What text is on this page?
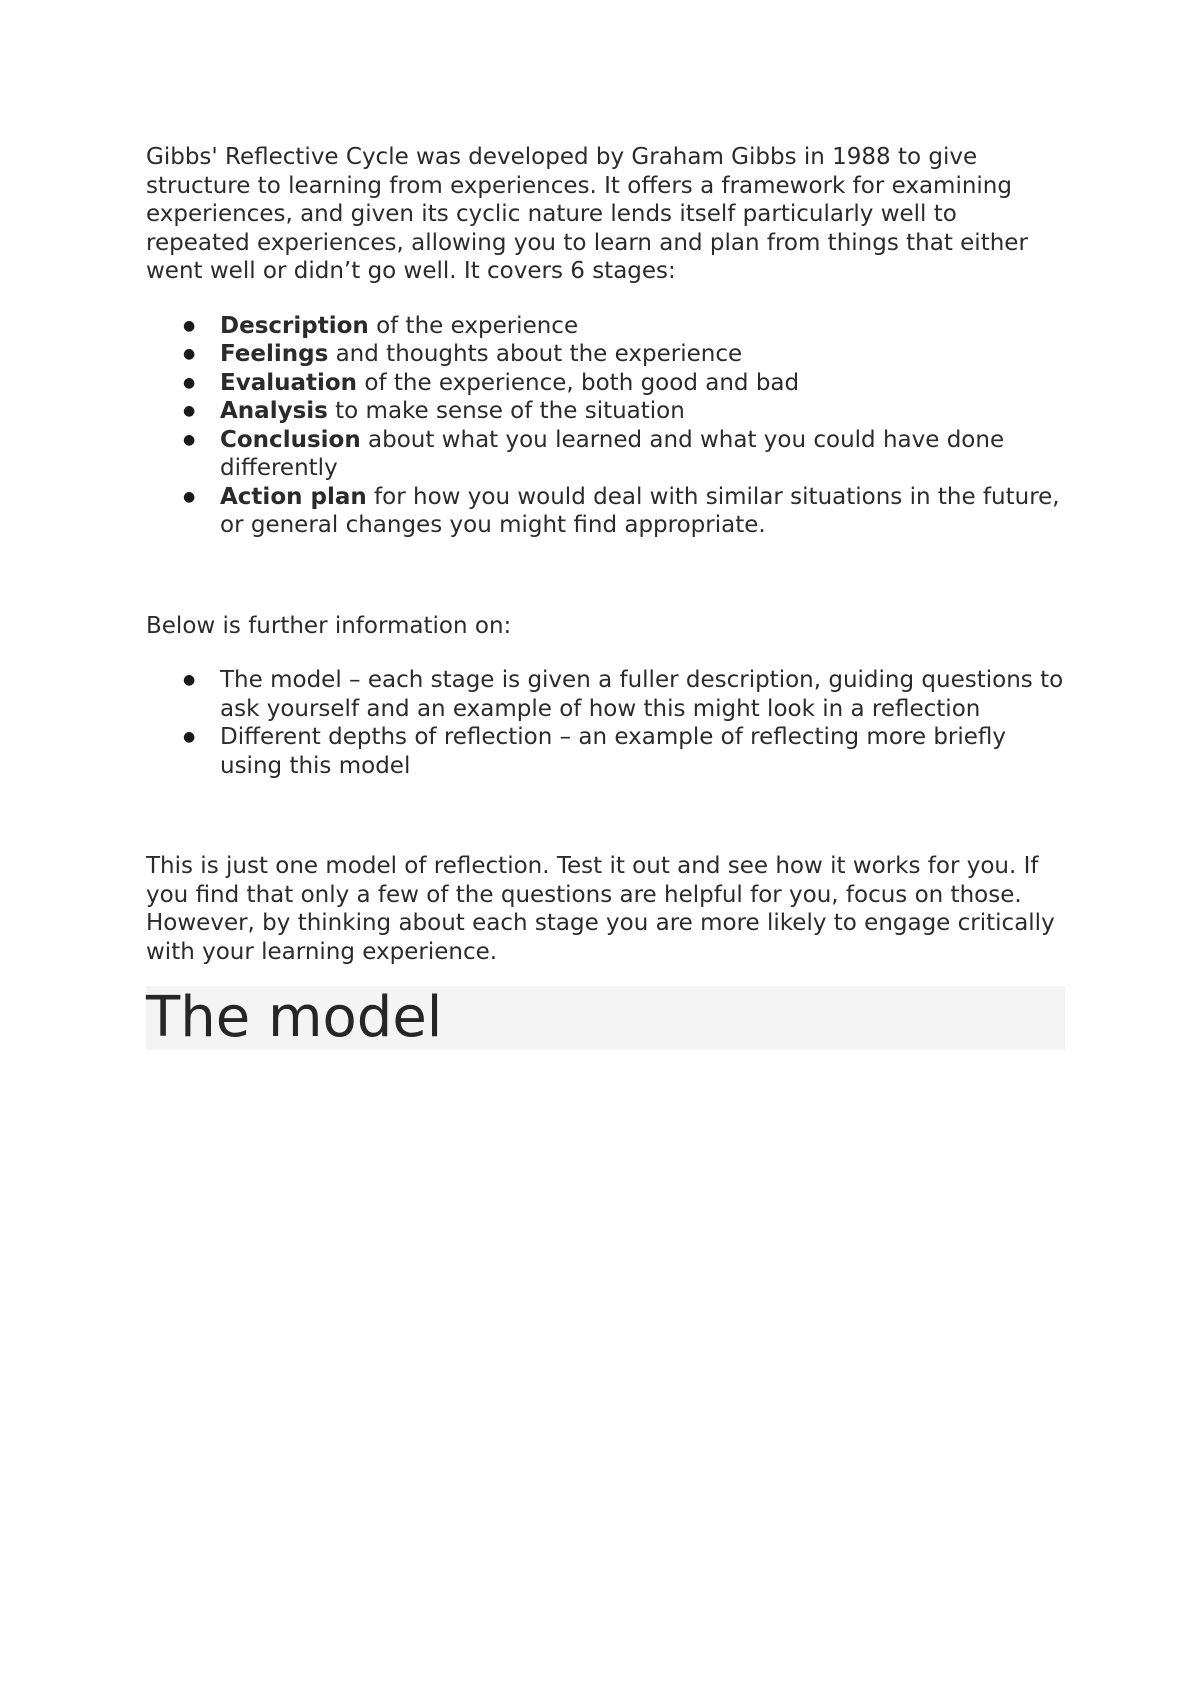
Gibbs' Reflective Cycle was developed by Graham Gibbs in 1988 to give structure to learning from experiences. It offers a framework for examining experiences, and given its cyclic nature lends itself particularly well to repeated experiences, allowing you to learn and plan from things that either went well or didn’t go well. It covers 6 stages:

● Description of the experience
● Feelings and thoughts about the experience
● Evaluation of the experience, both good and bad
● Analysis to make sense of the situation
● Conclusion about what you learned and what you could have done differently
● Action plan for how you would deal with similar situations in the future, or general changes you might find appropriate.

Below is further information on:

● The model – each stage is given a fuller description, guiding questions to ask yourself and an example of how this might look in a reflection
● Different depths of reflection – an example of reflecting more briefly using this model

This is just one model of reflection. Test it out and see how it works for you. If you find that only a few of the questions are helpful for you, focus on those. However, by thinking about each stage you are more likely to engage critically with your learning experience.

The model
